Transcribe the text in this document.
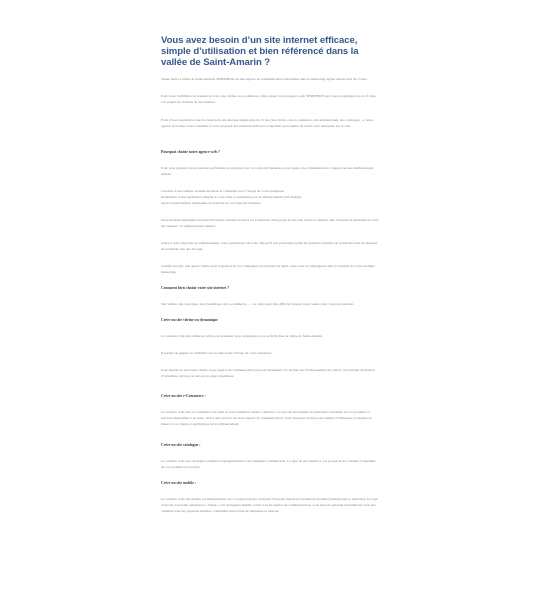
Vous avez besoin d’un site internet efficace, simple d’utilisation et bien référencé dans la vallée de Saint-Amarin ?

Située dans la vallée de Saint-Amarin, SHINEBOX est une agence de communication spécialisée dans le marketing digital depuis plus de 15 ans.

Pour votre visibilité et la réussite de votre site vitrine ou e-commerce, faites appel à notre agence web SHINEBOX qui vous accompagne de A à Z dans vos projets de création de site internet.

Forts d’une expérience dans la création de site internet depuis plus de 15 ans (site vitrine, site e-commerce, site institutionnel, site catalogue…), notre agence web saura vous conseiller et vous proposer des solutions efficaces et durables pour mettre en avant votre entreprise sur le web.

Pourquoi choisir notre agence web ?

Pour vous garantir un site internet performant et en phase avec vos objectifs business, notre agence de communication s’appuie sur une méthodologie simple :

Création d’une identité visuelle moderne et cohérente avec l’image de votre entreprise.
Réalisation d’une expérience adaptée à votre cible et optimisée pour le référencement (UX design).
Ajout fonctionnalités pertinentes en fonction de vos objectifs business.

Nous mettons également un point d’honneur à mettre en place les fondations d’un projet de site web solide et durable, afin d’assurer la pérennité de votre site internet : le référencement naturel.

Grâce à notre expertise en référencement, nous optimisons votre site afin qu’il soit positionné parmi les premiers résultats de recherche dans les moteurs de recherche tels que Google.

Certifié Google, une agence fiable pour la gestion de vos campagnes de publicité en ligne, nous vous accompagnons dans la création de votre stratégie marketing.

Comment bien choisir votre site internet ?

Site vitrine, site catalogue, site dynamique, site e-commerce, … Le choix peut être difficile lorsque vous voulez créer votre site internet.

Créer un site vitrine ou dynamique

La création d’un site vitrine est utile pour présenter votre entreprise et son activité dans la vallée de Saint-Amarin.

Il permet de gagner en visibilité tout en renforçant l’image de votre entreprise.

Pour obtenir de nouveaux clients, notre agence de communication propose également d’y ajouter des fonctionnalités de contact, un système de gestion d’actualités, un blog ou encore un espace membres.

Créer un site e-Commerce :

La création d’un site d’e-commerce est idéal si vous souhaitez vendre à distance. Ce type de site permet de présenter l’ensemble de vos produits ou services disponibles à la vente. Grâce aux services de notre agence de communication, votre boutique en ligne sera simple d’utilisation et adaptée au mieux à vos clients et optimisée pour le référencement.

Créer un site catalogue :

La création d’un site catalogue complète avantageusement votre plaquette commerciale. Ce type de site permet à vos prospects de consulter l’ensemble de vos produits ou services.

Créer un site mobile :

La création d’un site mobile est indispensable avec l’usage toujours croissant d’internet depuis les terminaux mobiles (smartphones et tablettes). Il s’agit d’un site à nouvelle génération « fluide » à la navigation mobile. Grâce à notre agence de communication, vous aurez la garantie de bénéficier d’un site optimisé pour les appareils mobiles, compatible aux écrans de téléphone et tablette.
